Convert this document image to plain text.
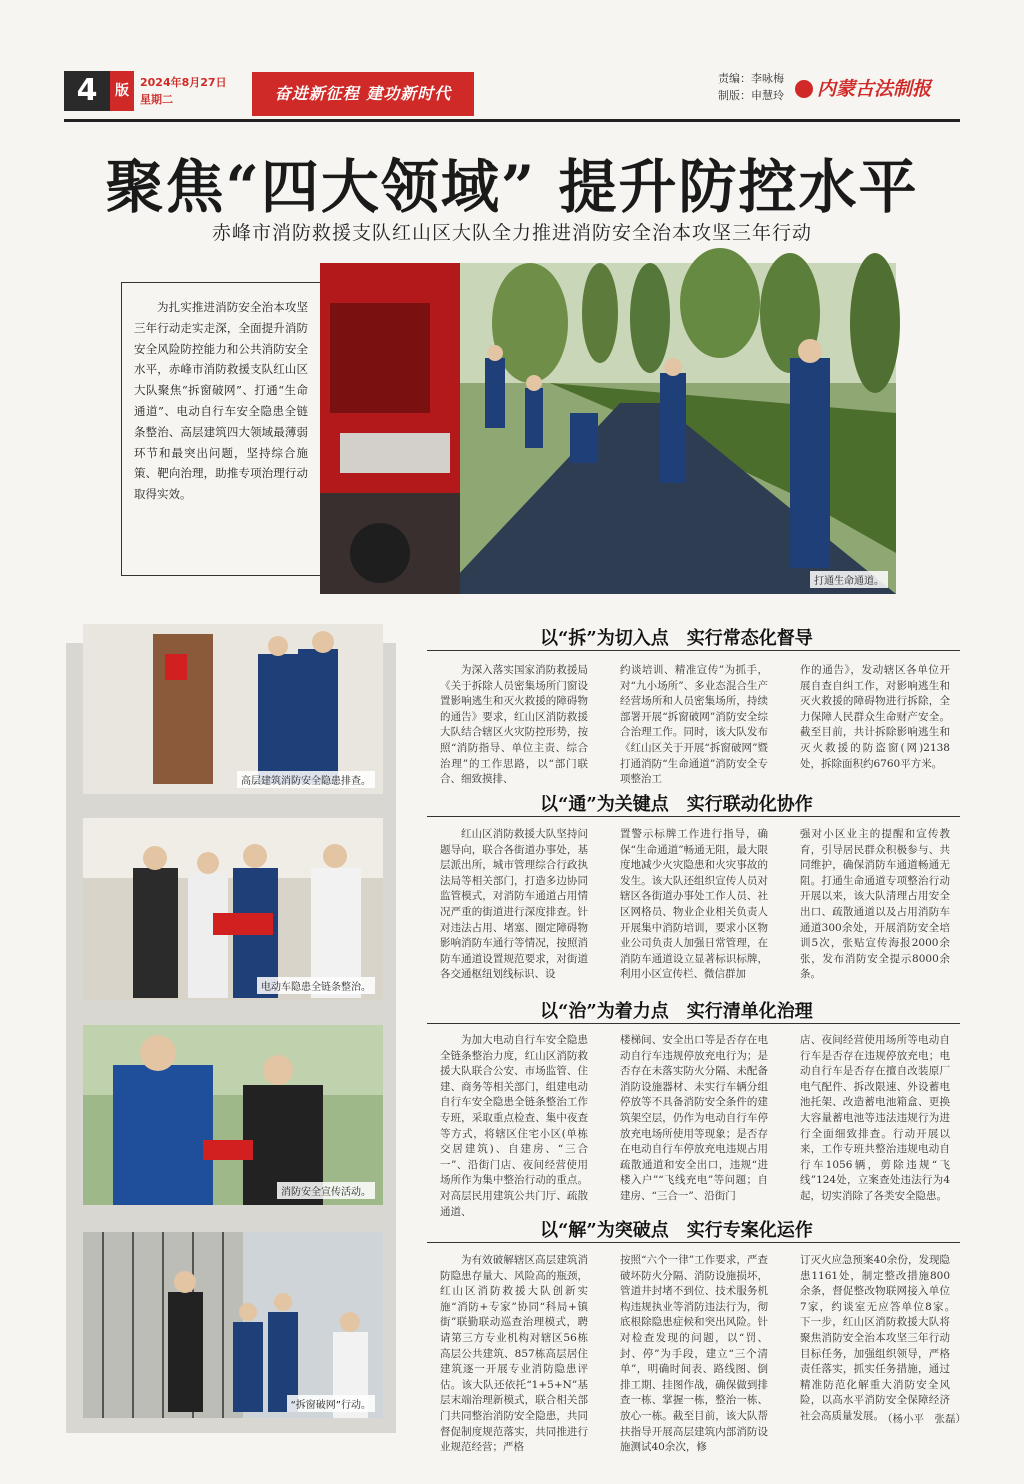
4	版
2024年8月27日
星期二	奋进新征程 建功新时代
责编：李咏梅
制版：申慧玲	内蒙古法制报
聚焦“四大领域” 提升防控水平
赤峰市消防救援支队红山区大队全力推进消防安全治本攻坚三年行动

为扎实推进消防安全治本攻坚三年行动走实走深，全面提升消防安全风险防控能力和公共消防安全水平，赤峰市消防救援支队红山区大队聚焦“拆窗破网”、打通“生命通道”、电动自行车安全隐患全链条整治、高层建筑四大领域最薄弱环节和最突出问题，坚持综合施策、靶向治理，助推专项治理行动取得实效。

打通生命通道。
高层建筑消防安全隐患排查。
电动车隐患全链条整治。
消防安全宣传活动。
“拆窗破网”行动。
以“拆”为切入点　实行常态化督导

为深入落实国家消防救援局《关于拆除人员密集场所门窗设置影响逃生和灭火救援的障碍物的通告》要求，红山区消防救援大队结合辖区火灾防控形势，按照“消防指导、单位主责、综合治理”的工作思路，以“部门联合、细致摸排、

约谈培训、精准宣传”为抓手，对“九小场所”、多业态混合生产经营场所和人员密集场所，持续部署开展“拆窗破网”消防安全综合治理工作。同时，该大队发布《红山区关于开展“拆窗破网”暨打通消防“生命通道”消防安全专项整治工

作的通告》，发动辖区各单位开展自查自纠工作，对影响逃生和灭火救援的障碍物进行拆除，全力保障人民群众生命财产安全。截至目前，共计拆除影响逃生和灭火救援的防盗窗(网)2138处，拆除面积约6760平方米。

以“通”为关键点　实行联动化协作

红山区消防救援大队坚持问题导向，联合各街道办事处，基层派出所，城市管理综合行政执法局等相关部门，打造多边协同监管模式，对消防车通道占用情况严重的街道进行深度排查。针对违法占用、堵塞、圈定障碍物影响消防车通行等情况，按照消防车通道设置规范要求，对街道各交通枢纽划线标识、设

置警示标牌工作进行指导，确保“生命通道”畅通无阻，最大限度地减少火灾隐患和火灾事故的发生。该大队还组织宣传人员对辖区各街道办事处工作人员、社区网格员、物业企业相关负责人开展集中消防培训，要求小区物业公司负责人加强日常管理，在消防车通道设立显著标识标牌，利用小区宣传栏、微信群加

强对小区业主的提醒和宣传教育，引导居民群众积极参与、共同维护，确保消防车通道畅通无阻。打通生命通道专项整治行动开展以来，该大队清理占用安全出口、疏散通道以及占用消防车通道300余处，开展消防安全培训5次，张贴宣传海报2000余张，发布消防安全提示8000余条。

以“治”为着力点　实行清单化治理

为加大电动自行车安全隐患全链条整治力度，红山区消防救援大队联合公安、市场监管、住建、商务等相关部门，组建电动自行车安全隐患全链条整治工作专班，采取重点检查、集中夜查等方式，将辖区住宅小区(单栋交居建筑)、自建房、“三合一”、沿街门店、夜间经营使用场所作为集中整治行动的重点。对高层民用建筑公共门厅、疏散通道、

楼梯间、安全出口等是否存在电动自行车违规停放充电行为；是否存在未落实防火分隔、未配备消防设施器材、未实行车辆分组停放等不具备消防安全条件的建筑架空层，仍作为电动自行车停放充电场所使用等现象；是否存在电动自行车停放充电违规占用疏散通道和安全出口，违规“进楼入户”“飞线充电”等问题；自建房、“三合一”、沿街门

店、夜间经营使用场所等电动自行车是否存在违规停放充电；电动自行车是否存在擅自改装原厂电气配件、拆改限速、外设蓄电池托架、改造蓄电池箱盒、更换大容量蓄电池等违法违规行为进行全面细致排查。行动开展以来，工作专班共整治违规电动自行车1056辆，剪除违规“飞线”124处，立案查处违法行为4起，切实消除了各类安全隐患。

以“解”为突破点　实行专案化运作

为有效破解辖区高层建筑消防隐患存量大、风险高的瓶颈，红山区消防救援大队创新实施“消防+专家”协同“科局+镇街”联勤联动巡查治理模式，聘请第三方专业机构对辖区56栋高层公共建筑、857栋高层居住建筑逐一开展专业消防隐患评估。该大队还依托“1+5+N”基层末端治理新模式，联合相关部门共同整治消防安全隐患，共同督促制度规范落实，共同推进行业规范经营；严格

按照“六个一律”工作要求，严查破坏防火分隔、消防设施损坏，管道井封堵不到位、技术服务机构违规执业等消防违法行为，彻底根除隐患症候和突出风险。针对检查发现的问题，以“罚、封、停”为手段，建立“三个清单”，明确时间表、路线图、倒排工期、挂图作战，确保做到排查一栋、掌握一栋，整治一栋、放心一栋。截至目前，该大队帮扶指导开展高层建筑内部消防设施测试40余次，修

订灭火应急预案40余份，发现隐患1161处，制定整改措施800余条，督促整改物联网接入单位7家，约谈室无应答单位8家。　下一步，红山区消防救援大队将聚焦消防安全治本攻坚三年行动目标任务，加强组织领导，严格责任落实，抓实任务措施，通过精准防范化解重大消防安全风险，以高水平消防安全保障经济社会高质量发展。

（杨小平　张磊）
